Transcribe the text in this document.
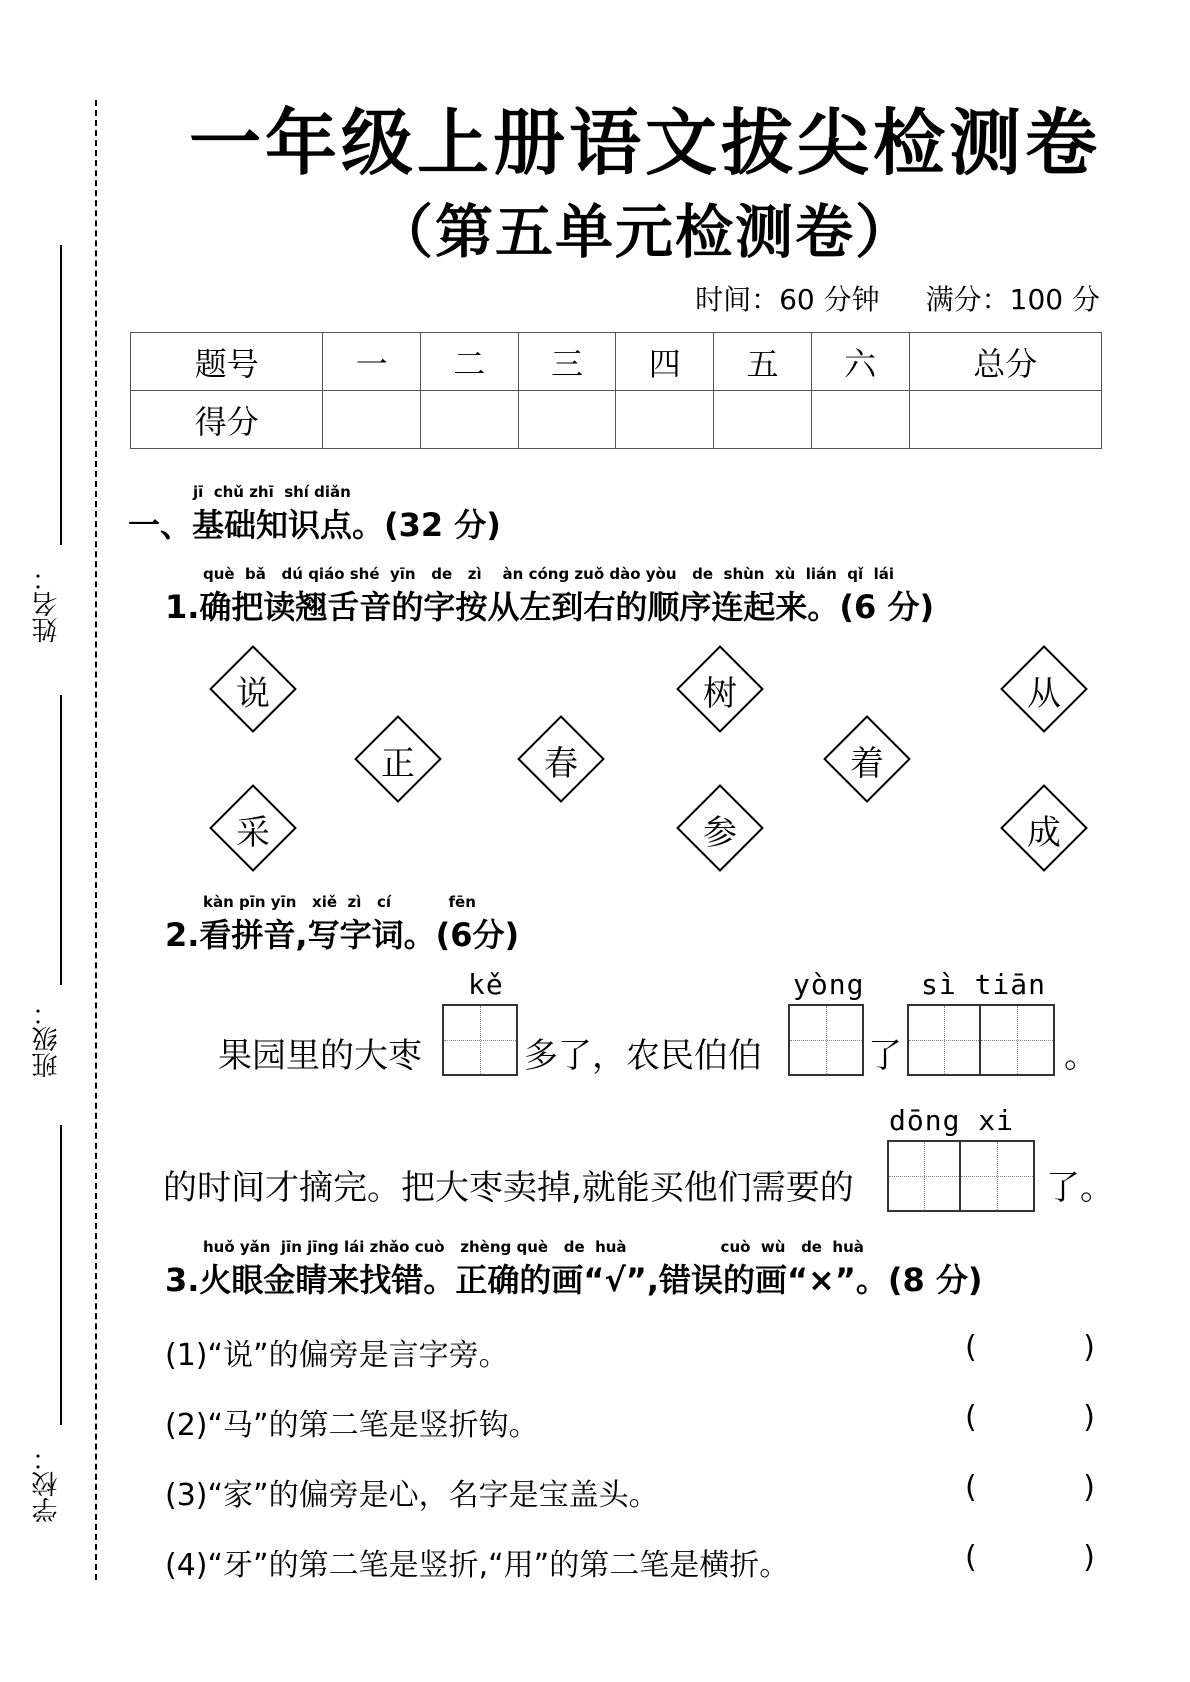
姓名：
班级：
学校：
一年级上册语文拔尖检测卷
（第五单元检测卷）
时间：60 分钟 满分：100 分
题号	一	二	三	四	五	六	总分
得分							
jī  chǔ zhī  shí diǎn
一、基础知识点。(32 分)
què  bǎ   dú qiáo shé  yīn   de   zì    àn cóng zuǒ dào yòu   de  shùn  xù  lián  qǐ  lái
1.确把读翘舌音的字按从左到右的顺序连起来。(6 分)
说	树	从
正	春	着
采	参	成
kàn pīn yīn   xiě  zì   cí           fēn
2.看拼音,写字词。(6分)
kě	yòng sì tiān
果园里的大枣	多了，农民伯伯	了	。
dōng xi
的时间才摘完。把大枣卖掉,就能买他们需要的	了。
huǒ yǎn  jīn jīng lái zhǎo cuò   zhèng què   de  huà                  cuò  wù   de  huà
3.火眼金睛来找错。正确的画“√”,错误的画“×”。(8 分)
(1)“说”的偏旁是言字旁。	(	)
(2)“马”的第二笔是竖折钩。	(	)
(3)“家”的偏旁是心，名字是宝盖头。	(	)
(4)“牙”的第二笔是竖折,“用”的第二笔是横折。	(	)
